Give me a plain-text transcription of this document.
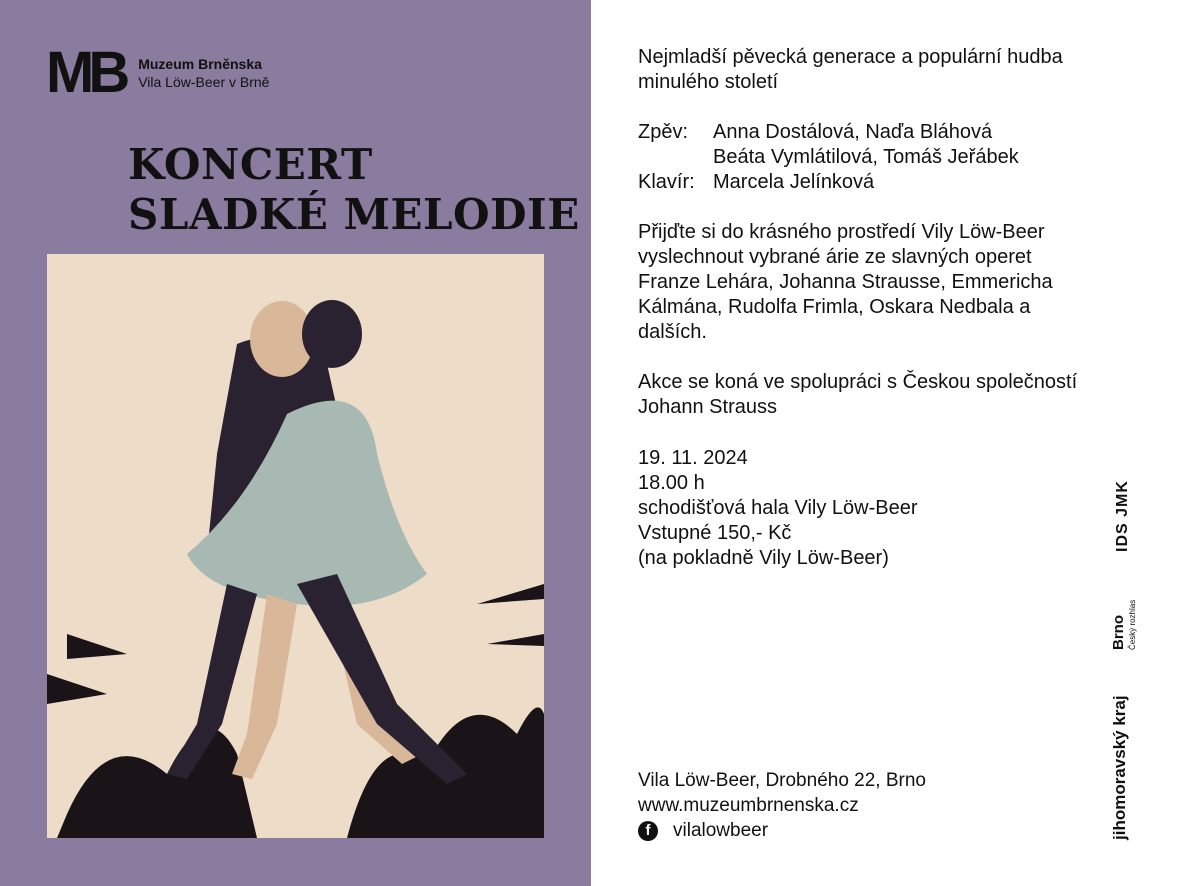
MB Muzeum Brněnska
Vila Löw-Beer v Brně
KONCERT
SLADKÉ MELODIE

Nejmladší pěvecká generace a populární hudba minulého století

Zpěv:	Anna Dostálová, Naďa Bláhová
Beáta Vymlátilová, Tomáš Jeřábek
Klavír: Marcela Jelínková

Přijďte si do krásného prostředí Vily Löw-Beer vyslechnout vybrané árie ze slavných operet Franze Lehára, Johanna Strausse, Emmericha Kálmána, Rudolfa Frimla, Oskara Nedbala a dalších.

Akce se koná ve spolupráci s Českou společností Johann Strauss

19. 11. 2024
18.00 h
schodišťová hala Vily Löw-Beer
Vstupné 150,- Kč
(na pokladně Vily Löw-Beer)
Vila Löw-Beer, Drobného 22, Brno
www.muzeumbrnenska.cz
f	vilalowbeer
IDS JMK
Brno Český rozhlas
jihomoravský kraj
